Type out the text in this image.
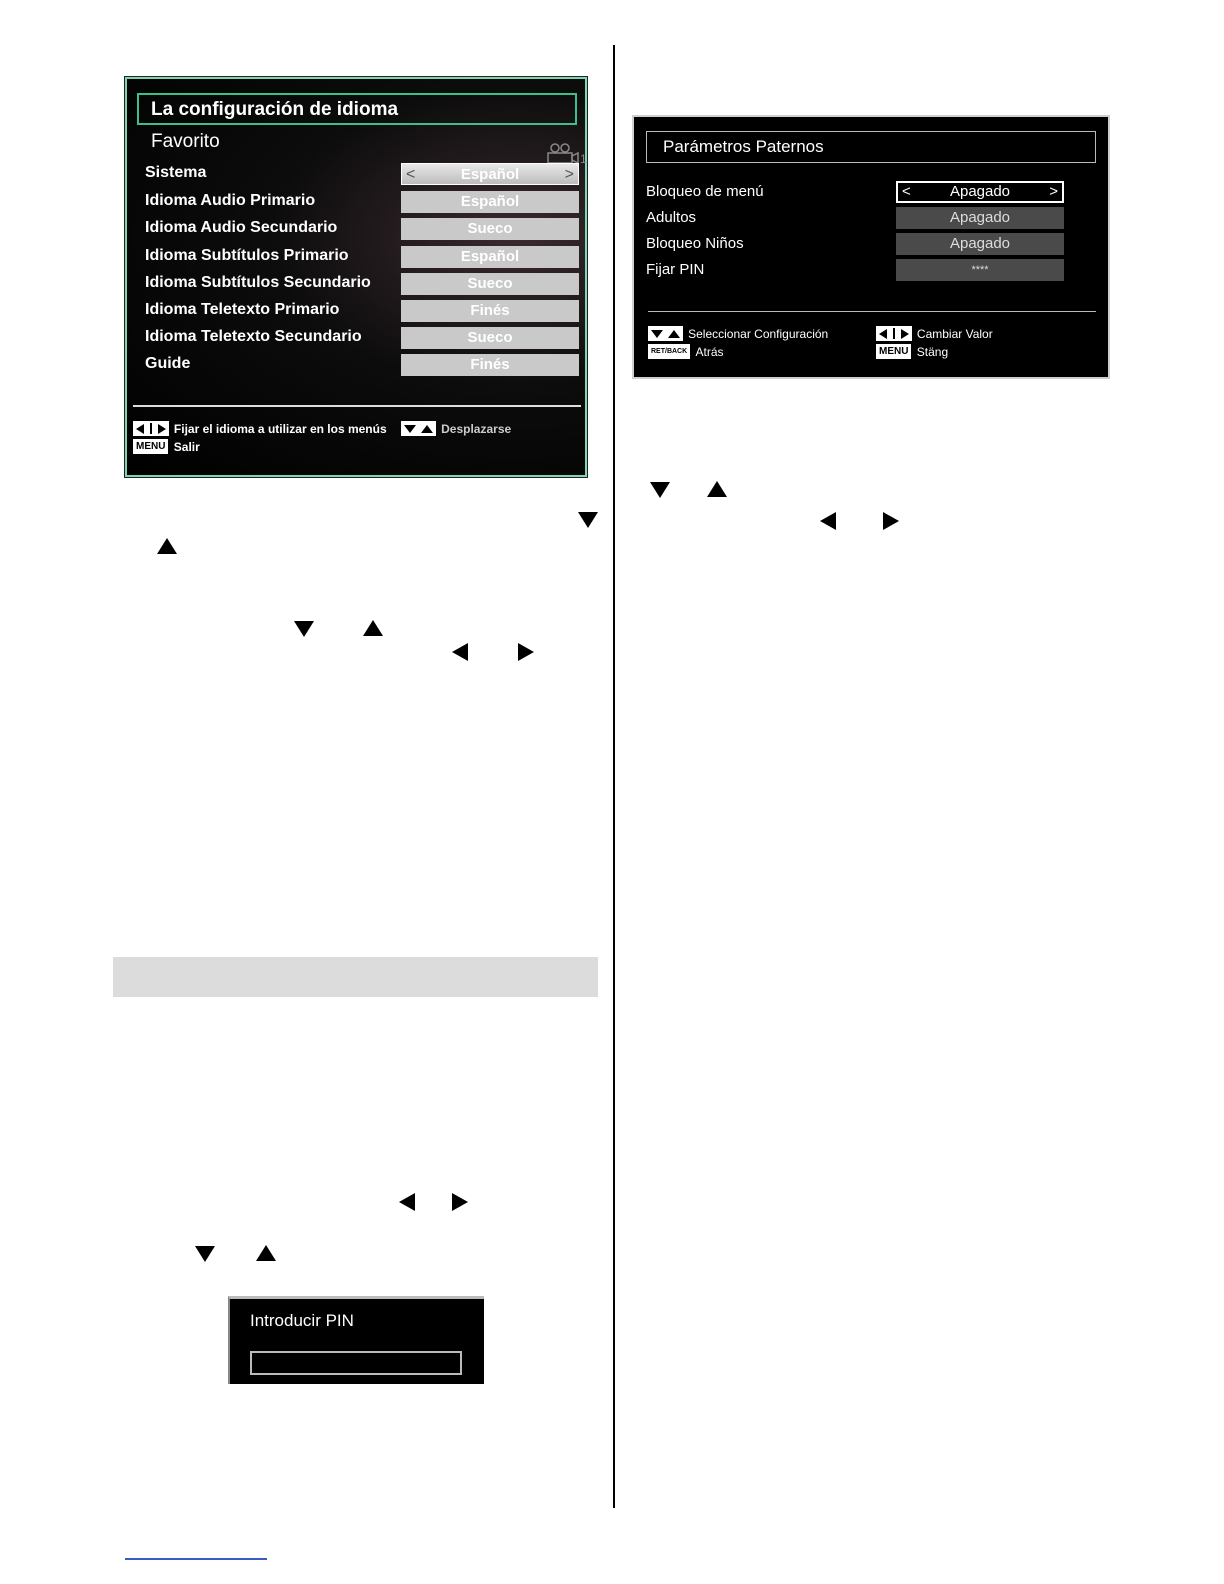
La configuración de idioma
Favorito
1
Sistema	<	Español	>
Idioma Audio Primario	Español
Idioma Audio Secundario	Sueco
Idioma Subtítulos Primario	Español
Idioma Subtítulos Secundario	Sueco
Idioma Teletexto Primario	Finés
Idioma Teletexto Secundario	Sueco
Guide	Finés
Fijar el idioma a utilizar en los menús	Desplazarse
MENU Salir
Parámetros Paternos
Bloqueo de menú	<	Apagado	>
Adultos	Apagado
Bloqueo Niños	Apagado
Fijar PIN	****
Seleccionar Configuración	Cambiar Valor
RET/BACK Atrás	MENU Stäng
Introducir PIN
